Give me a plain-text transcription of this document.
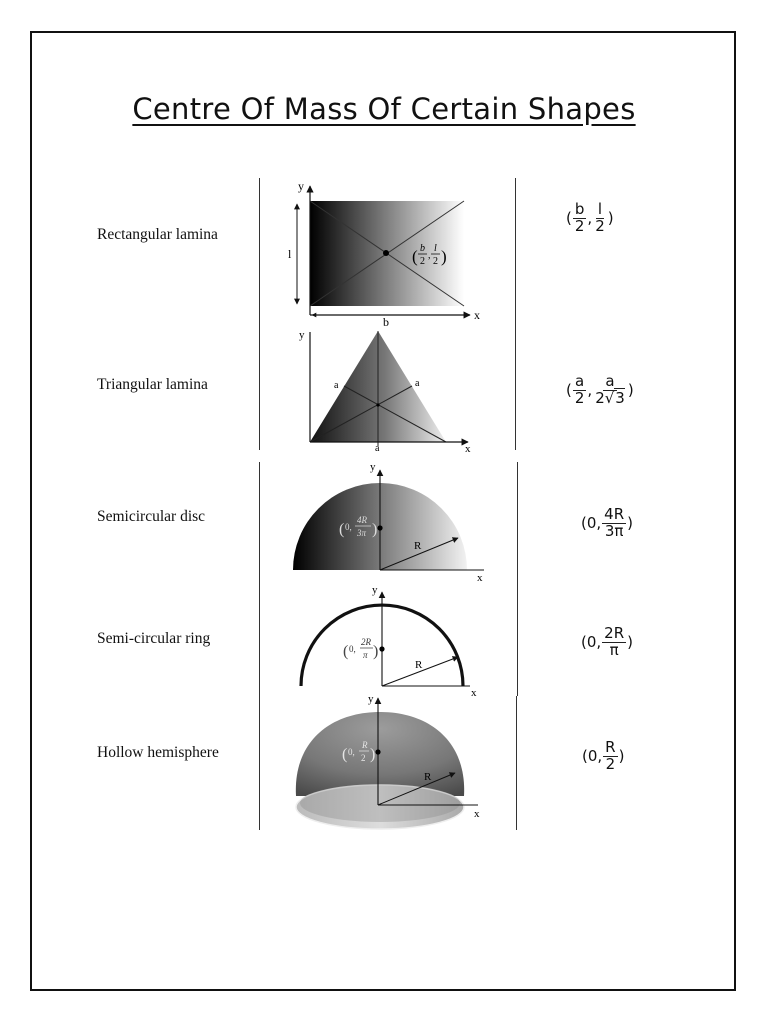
Centre Of Mass Of Certain Shapes
Rectangular lamina
Triangular lamina
Semicircular disc
Semi-circular ring
Hollow hemisphere
y
x
l
b
( b
2
,
l
2 )
y
x
a	a
a
R
y
x
( 0,
4R
3π )
R
y
x
( 0,
2R
π )
R
y
x
( 0,
R
2 )
( $\frac{b}{2}$ , $\frac{l}{2}$ )
( $\frac{a}{2}$ , $\frac{a}{2√3}$ )
(0, $\frac{4R}{3\pi}$ )
(0, $\frac{2R}{\pi}$ )
(0, $\frac{R}{2}$ )
